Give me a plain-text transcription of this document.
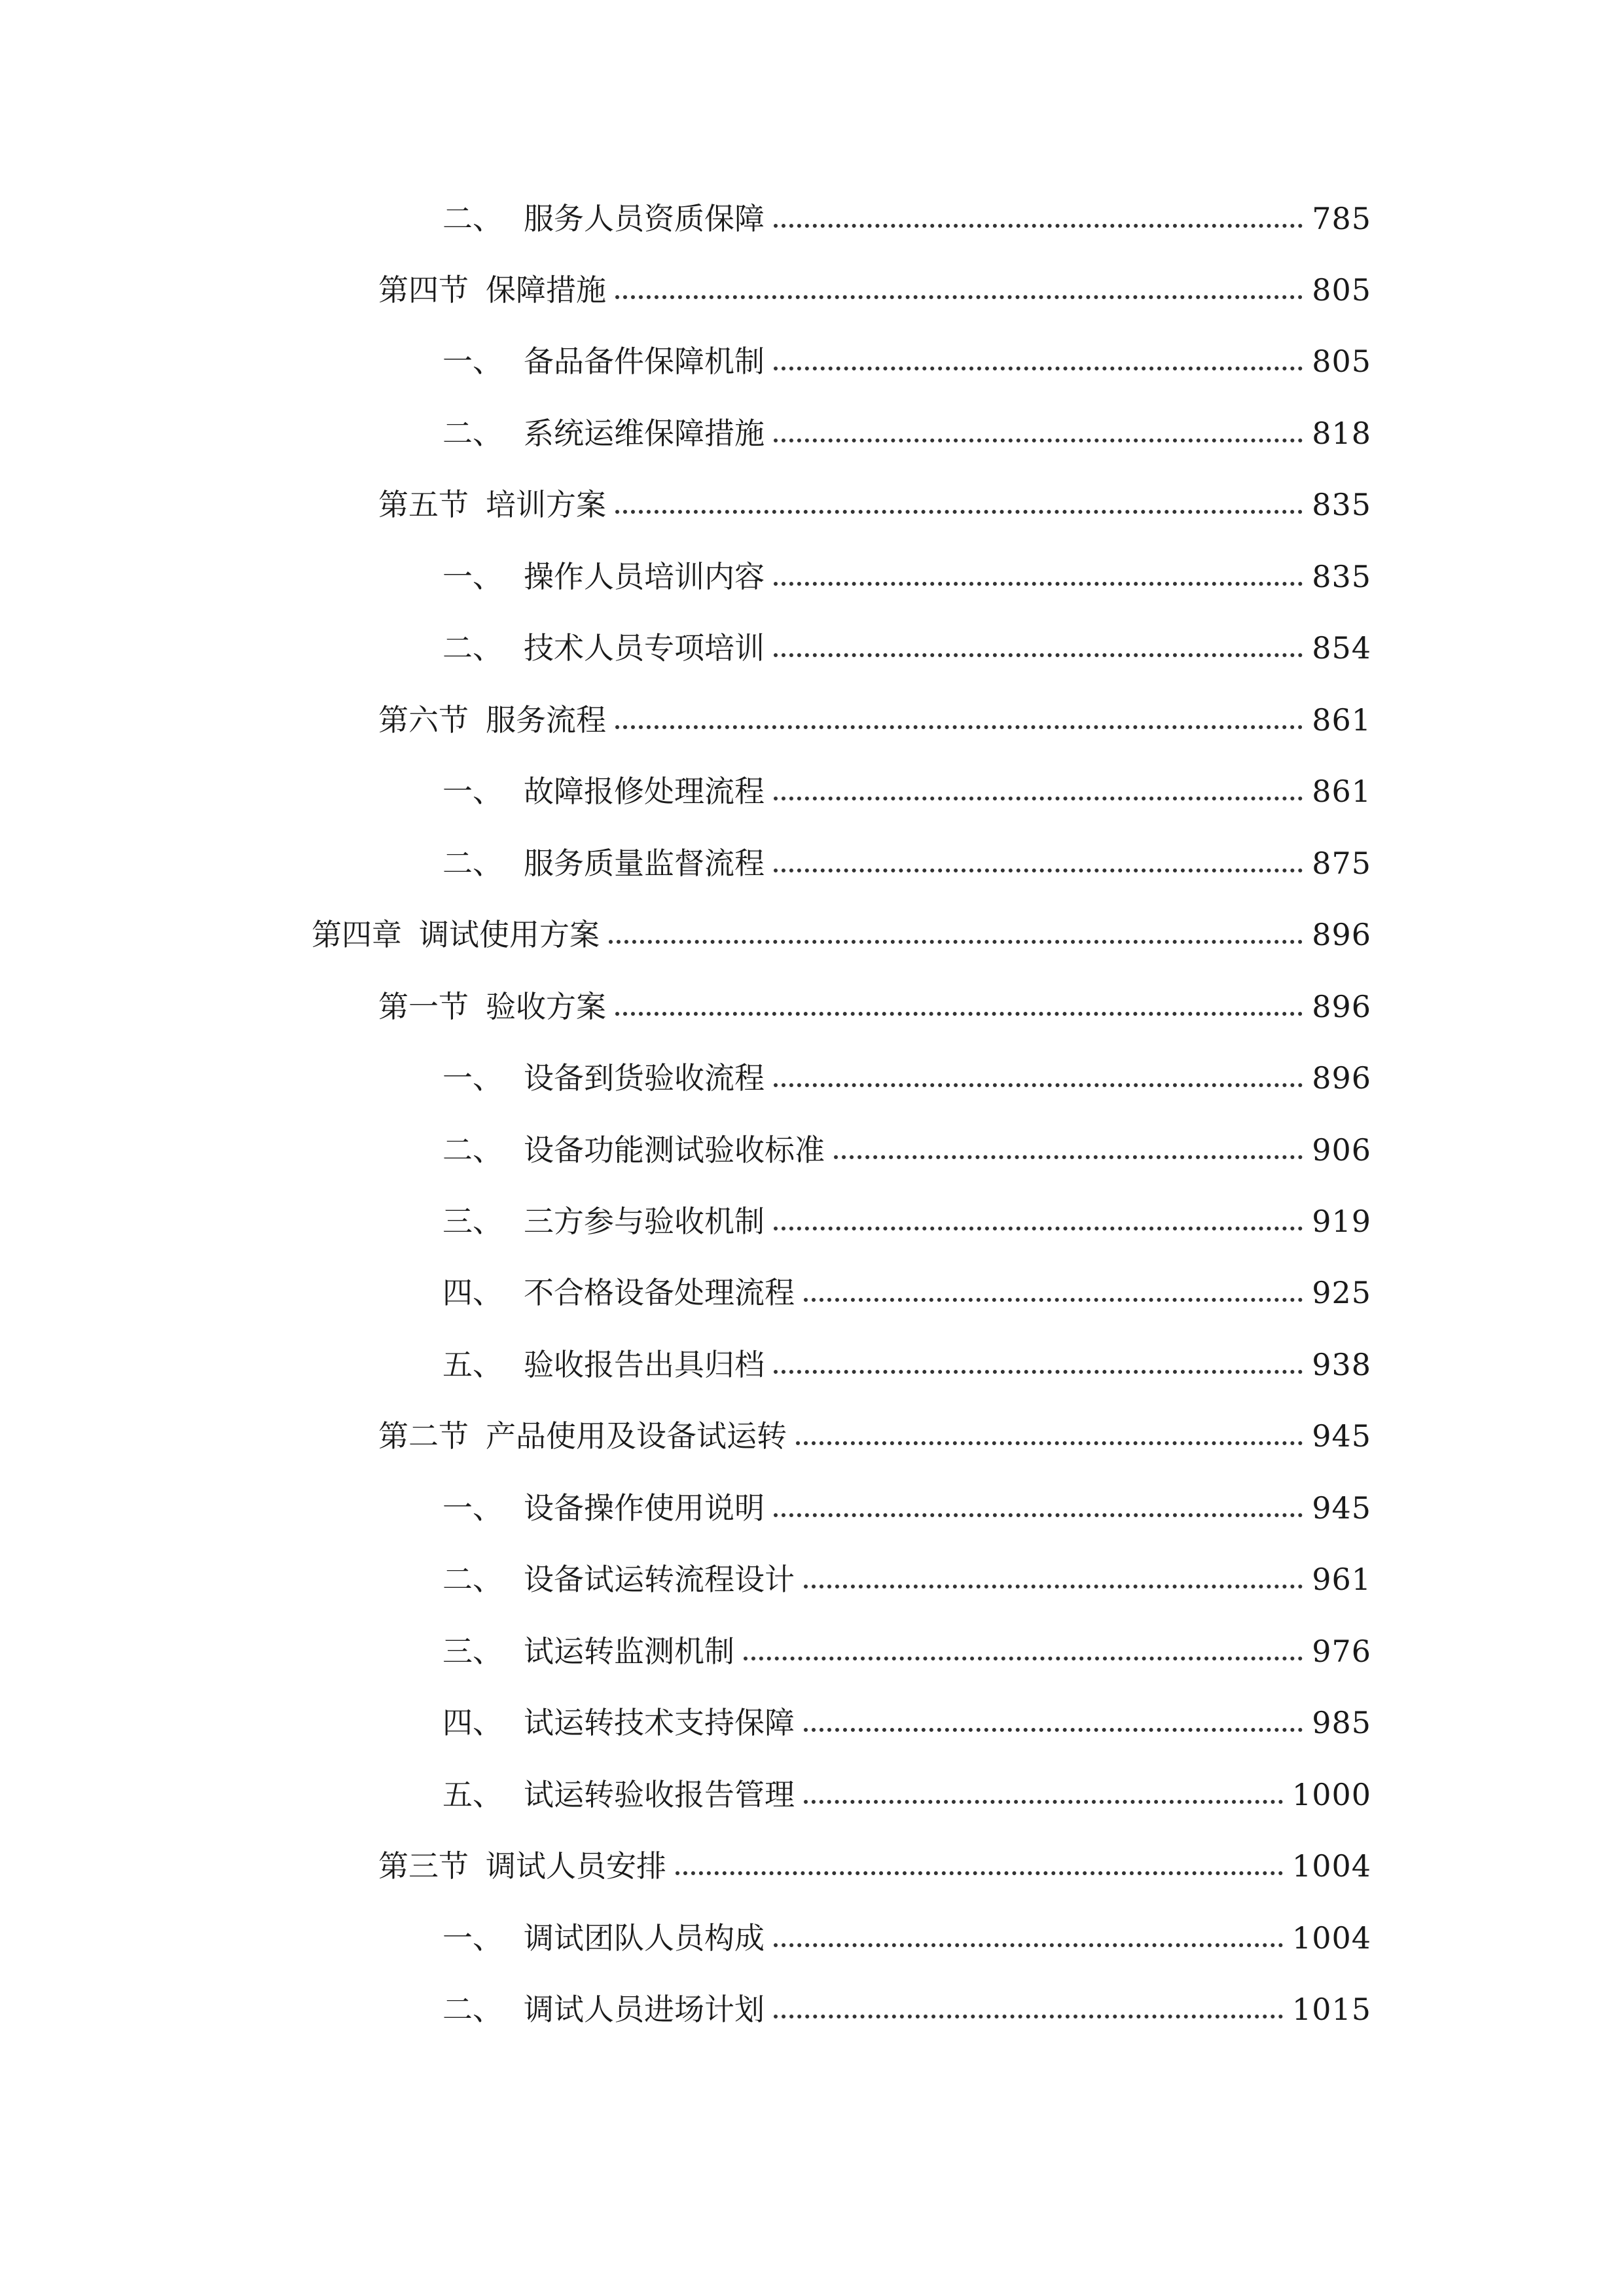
二、 服务人员资质保障	785
第四节 保障措施	805
一、 备品备件保障机制	805
二、 系统运维保障措施	818
第五节 培训方案	835
一、 操作人员培训内容	835
二、 技术人员专项培训	854
第六节 服务流程	861
一、 故障报修处理流程	861
二、 服务质量监督流程	875
第四章 调试使用方案	896
第一节 验收方案	896
一、 设备到货验收流程	896
二、 设备功能测试验收标准	906
三、 三方参与验收机制	919
四、 不合格设备处理流程	925
五、 验收报告出具归档	938
第二节 产品使用及设备试运转	945
一、 设备操作使用说明	945
二、 设备试运转流程设计	961
三、 试运转监测机制	976
四、 试运转技术支持保障	985
五、 试运转验收报告管理	1000
第三节 调试人员安排	1004
一、 调试团队人员构成	1004
二、 调试人员进场计划	1015
